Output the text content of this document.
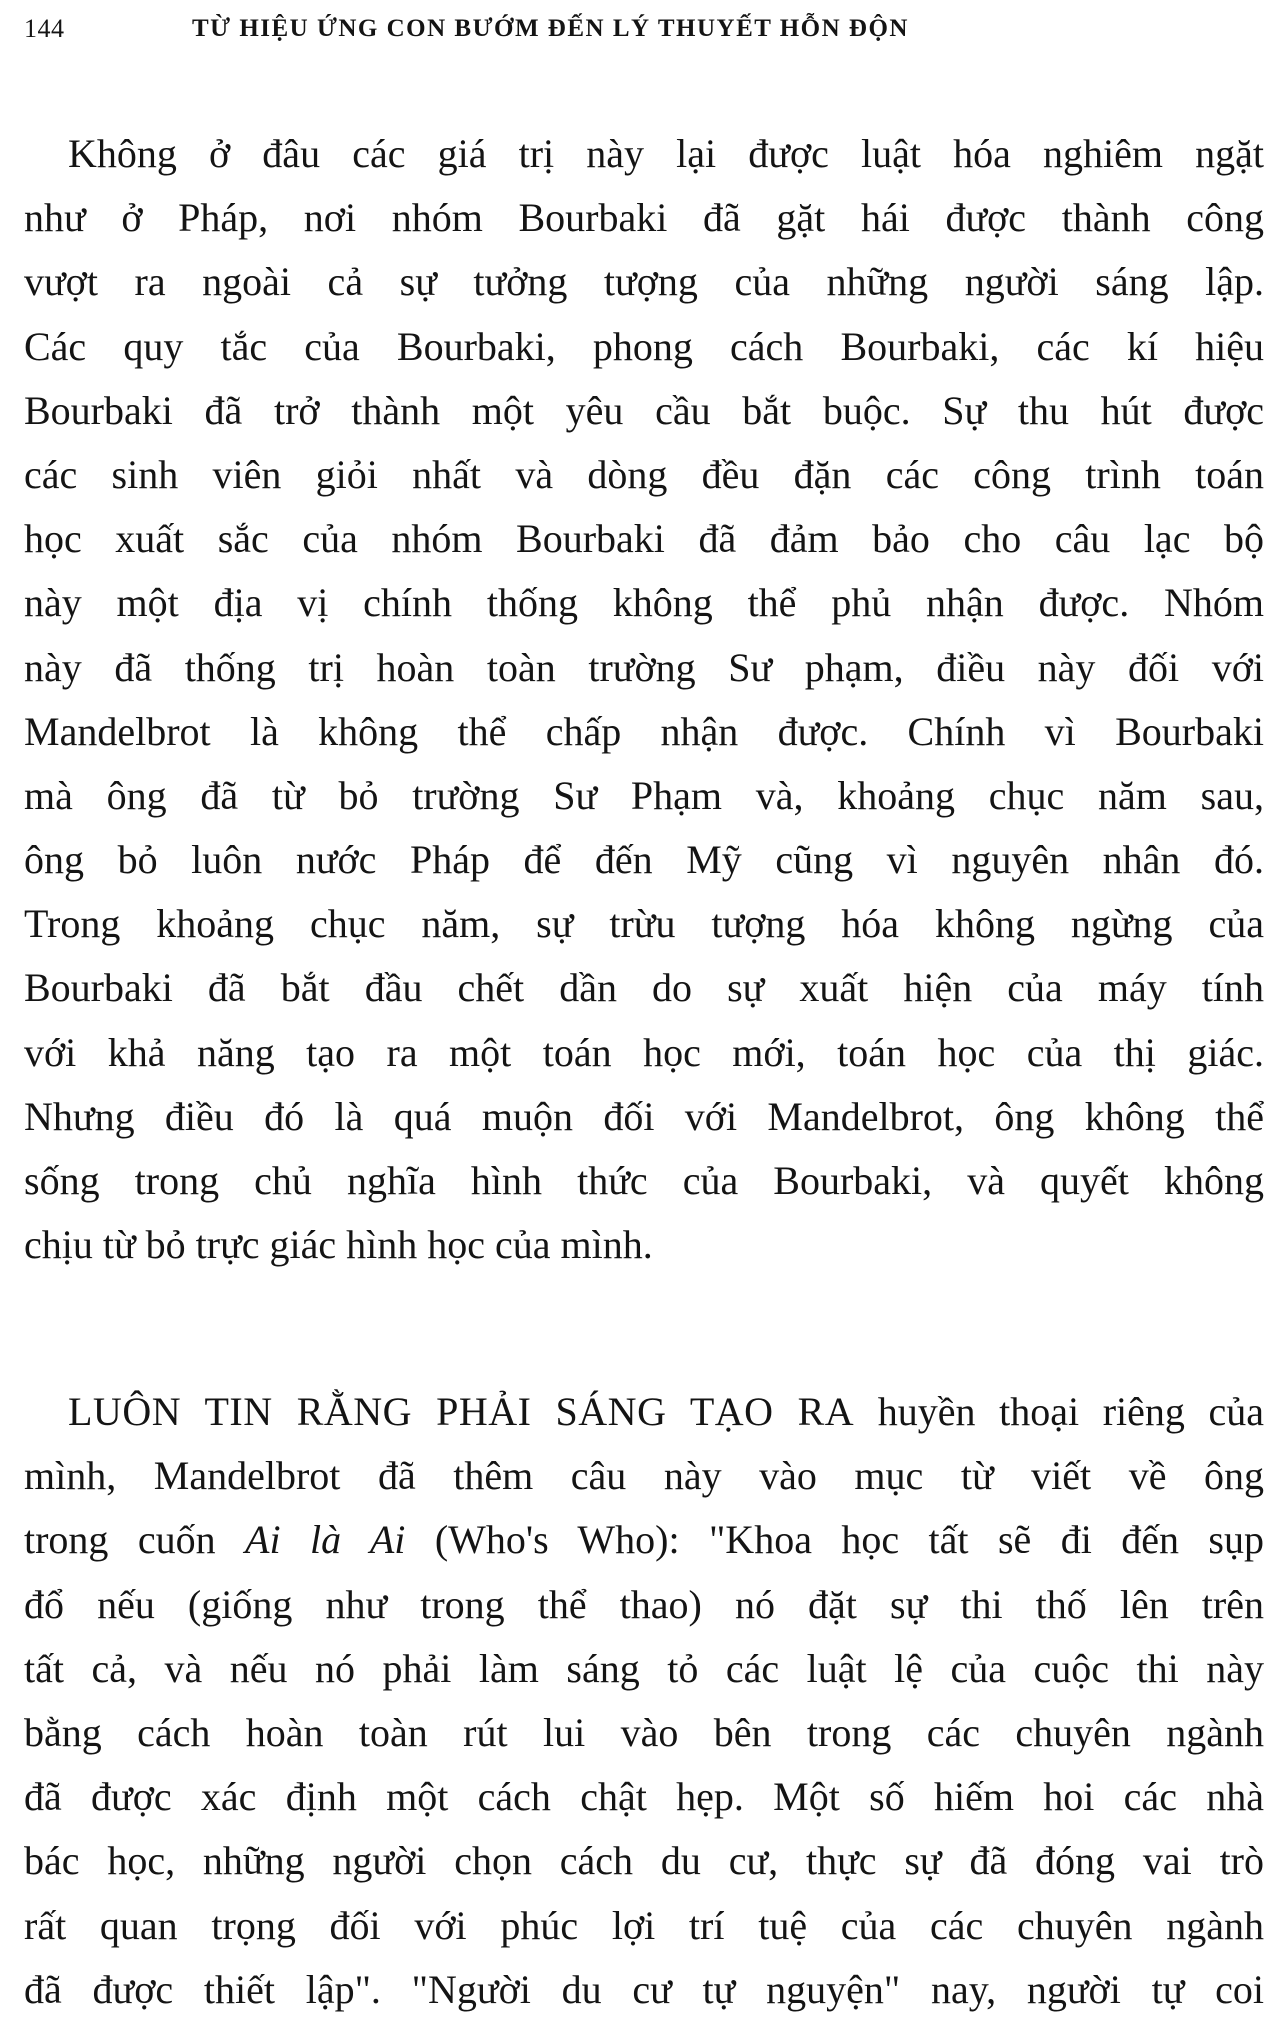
144	TỪ HIỆU ỨNG CON BƯỚM ĐẾN LÝ THUYẾT HỖN ĐỘN

Không ở đâu các giá trị này lại được luật hóa nghiêm ngặt
như ở Pháp, nơi nhóm Bourbaki đã gặt hái được thành công
vượt ra ngoài cả sự tưởng tượng của những người sáng lập.
Các quy tắc của Bourbaki, phong cách Bourbaki, các kí hiệu
Bourbaki đã trở thành một yêu cầu bắt buộc. Sự thu hút được
các sinh viên giỏi nhất và dòng đều đặn các công trình toán
học xuất sắc của nhóm Bourbaki đã đảm bảo cho câu lạc bộ
này một địa vị chính thống không thể phủ nhận được. Nhóm
này đã thống trị hoàn toàn trường Sư phạm, điều này đối với
Mandelbrot là không thể chấp nhận được. Chính vì Bourbaki
mà ông đã từ bỏ trường Sư Phạm và, khoảng chục năm sau,
ông bỏ luôn nước Pháp để đến Mỹ cũng vì nguyên nhân đó.
Trong khoảng chục năm, sự trừu tượng hóa không ngừng của
Bourbaki đã bắt đầu chết dần do sự xuất hiện của máy tính
với khả năng tạo ra một toán học mới, toán học của thị giác.
Nhưng điều đó là quá muộn đối với Mandelbrot, ông không thể
sống trong chủ nghĩa hình thức của Bourbaki, và quyết không
chịu từ bỏ trực giác hình học của mình.

LUÔN TIN RẰNG PHẢI SÁNG TẠO RA huyền thoại riêng của
mình, Mandelbrot đã thêm câu này vào mục từ viết về ông
trong cuốn Ai là Ai (Who's Who): "Khoa học tất sẽ đi đến sụp
đổ nếu (giống như trong thể thao) nó đặt sự thi thố lên trên
tất cả, và nếu nó phải làm sáng tỏ các luật lệ của cuộc thi này
bằng cách hoàn toàn rút lui vào bên trong các chuyên ngành
đã được xác định một cách chật hẹp. Một số hiếm hoi các nhà
bác học, những người chọn cách du cư, thực sự đã đóng vai trò
rất quan trọng đối với phúc lợi trí tuệ của các chuyên ngành
đã được thiết lập". "Người du cư tự nguyện" nay, người tự coi
